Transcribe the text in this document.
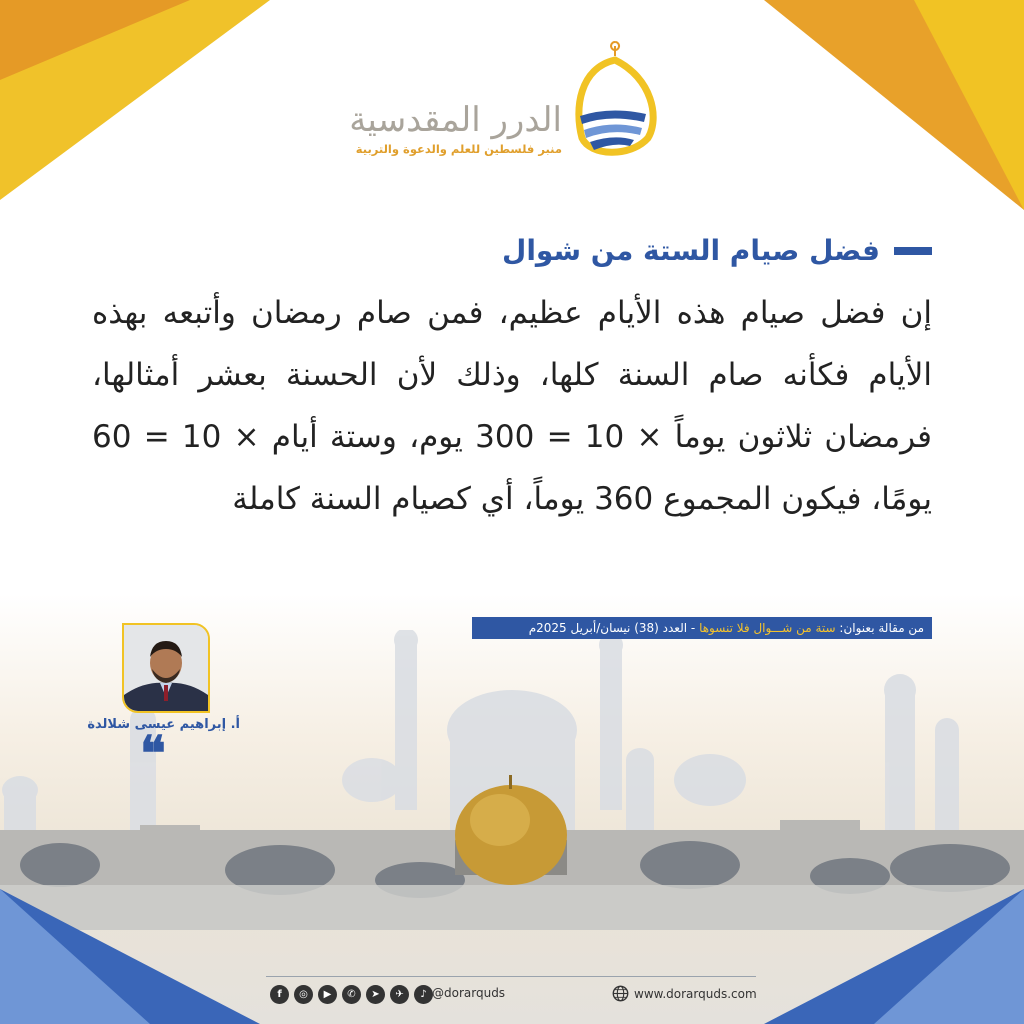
الدرر المقدسية
منبر فلسطين للعلم والدعوة والتربية
فضل صيام الستة من شوال
إن فضل صيام هذه الأيام عظيم، فمن صام رمضان وأتبعه بهذه الأيام فكأنه صام السنة كلها، وذلك لأن الحسنة بعشر أمثالها، فرمضان ثلاثون يوماً × 10 = 300 يوم، وستة أيام × 10 = 60 يومًا، فيكون المجموع 360 يوماً، أي كصيام السنة كاملة
من مقالة بعنوان: ستة من شـــوال فلا تنسوها - العدد (38) نيسان/أبريل 2025م
أ. إبراهيم عيسى شلالدة
❝
f	◎	▶	✆	➤	✈	♪ @dorarquds	www.dorarquds.com
